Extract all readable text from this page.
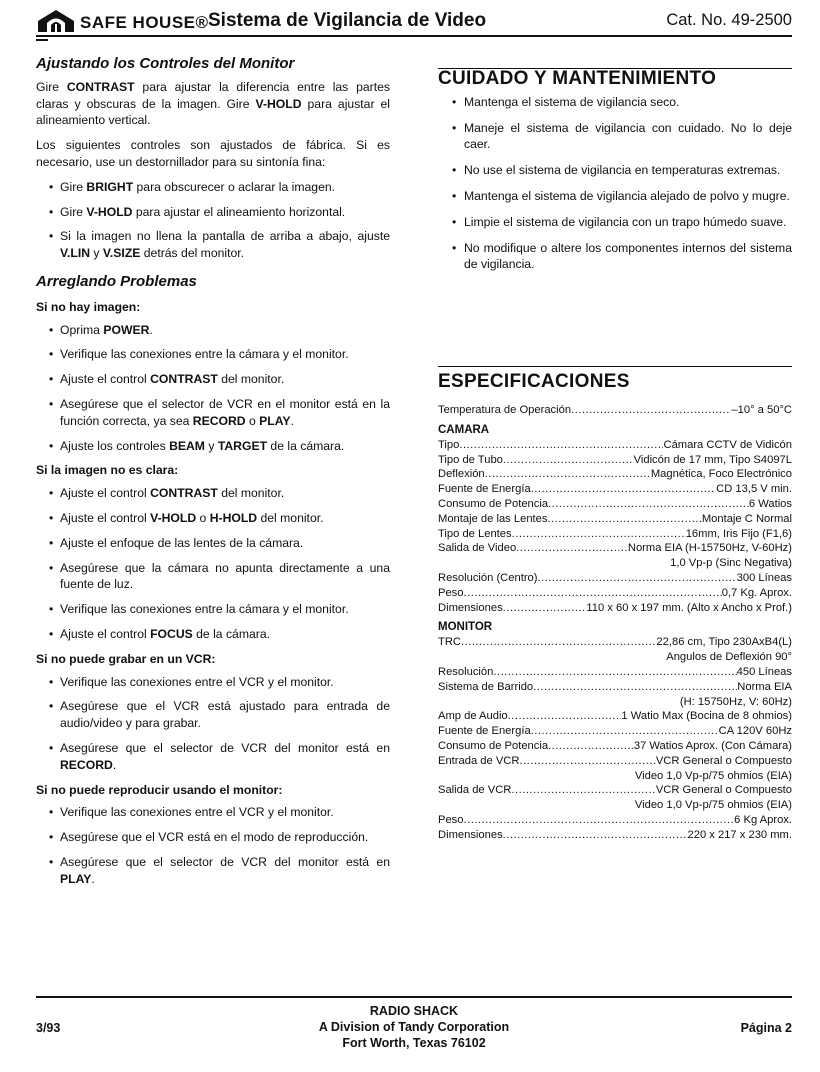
SAFE HOUSE® Sistema de Vigilancia de Video	Cat. No. 49-2500
Ajustando los Controles del Monitor

Gire CONTRAST para ajustar la diferencia entre las partes claras y obscuras de la imagen. Gire V-HOLD para ajustar el alineamiento vertical.

Los siguientes controles son ajustados de fábrica. Si es necesario, use un destornillador para su sintonía fina:

• Gire BRIGHT para obscurecer o aclarar la imagen.
• Gire V-HOLD para ajustar el alineamiento horizontal.
• Si la imagen no llena la pantalla de arriba a abajo, ajuste V.LIN y V.SIZE detrás del monitor.
Arreglando Problemas
Si no hay imagen:
• Oprima POWER.
• Verifique las conexiones entre la cámara y el monitor.
• Ajuste el control CONTRAST del monitor.
• Asegúrese que el selector de VCR en el monitor está en la función correcta, ya sea RECORD o PLAY.
• Ajuste los controles BEAM y TARGET de la cámara.
Si la imagen no es clara:
• Ajuste el control CONTRAST del monitor.
• Ajuste el control V-HOLD o H-HOLD del monitor.
• Ajuste el enfoque de las lentes de la cámara.
• Asegúrese que la cámara no apunta directamente a una fuente de luz.
• Verifique las conexiones entre la cámara y el monitor.
• Ajuste el control FOCUS de la cámara.
Si no puede grabar en un VCR:
• Verifique las conexiones entre el VCR y el monitor.
• Asegúrese que el VCR está ajustado para entrada de audio/video y para grabar.
• Asegúrese que el selector de VCR del monitor está en RECORD.
Si no puede reproducir usando el monitor:
• Verifique las conexiones entre el VCR y el monitor.
• Asegúrese que el VCR está en el modo de reproducción.
• Asegúrese que el selector de VCR del monitor está en PLAY.
CUIDADO Y MANTENIMIENTO
• Mantenga el sistema de vigilancia seco.
• Maneje el sistema de vigilancia con cuidado. No lo deje caer.
• No use el sistema de vigilancia en temperaturas extremas.
• Mantenga el sistema de vigilancia alejado de polvo y mugre.
• Limpie el sistema de vigilancia con un trapo húmedo suave.
• No modifique o altere los componentes internos del sistema de vigilancia.
ESPECIFICACIONES
Temperatura de Operación .....	–10° a 50°C
CAMARA
Tipo .....	Cámara CCTV de Vidicón
Tipo de Tubo .....	Vidicón de 17 mm, Tipo S4097L
Deflexión .....	Magnética, Foco Electrónico
Fuente de Energía .....	CD 13,5 V min.
Consumo de Potencia .....	6 Watios
Montaje de las Lentes .....	Montaje C Normal
Tipo de Lentes .....	16mm, Iris Fijo (F1,6)
Salida de Video .....	Norma EIA (H-15750Hz, V-60Hz)
1,0 Vp-p (Sinc Negativa)
Resolución (Centro) .....	300 Líneas
Peso .....	0,7 Kg. Aprox.
Dimensiones .....	110 x 60 x 197 mm. (Alto x Ancho x Prof.)
MONITOR
TRC .....	22,86 cm, Tipo 230AxB4(L)
Angulos de Deflexión 90°
Resolución .....	450 Líneas
Sistema de Barrido .....	Norma EIA
(H: 15750Hz, V: 60Hz)
Amp de Audio .....	1 Watio Max (Bocina de 8 ohmios)
Fuente de Energía .....	CA 120V 60Hz
Consumo de Potencia .....	37 Watios Aprox. (Con Cámara)
Entrada de VCR .....	VCR General o Compuesto
Video 1,0 Vp-p/75 ohmios (EIA)
Salida de VCR .....	VCR General o Compuesto
Video 1,0 Vp-p/75 ohmios (EIA)
Peso .....	6 Kg Aprox.
Dimensiones .....	220 x 217 x 230 mm.
RADIO SHACK
A Division of Tandy Corporation
Fort Worth, Texas 76102
3/93	Página 2
